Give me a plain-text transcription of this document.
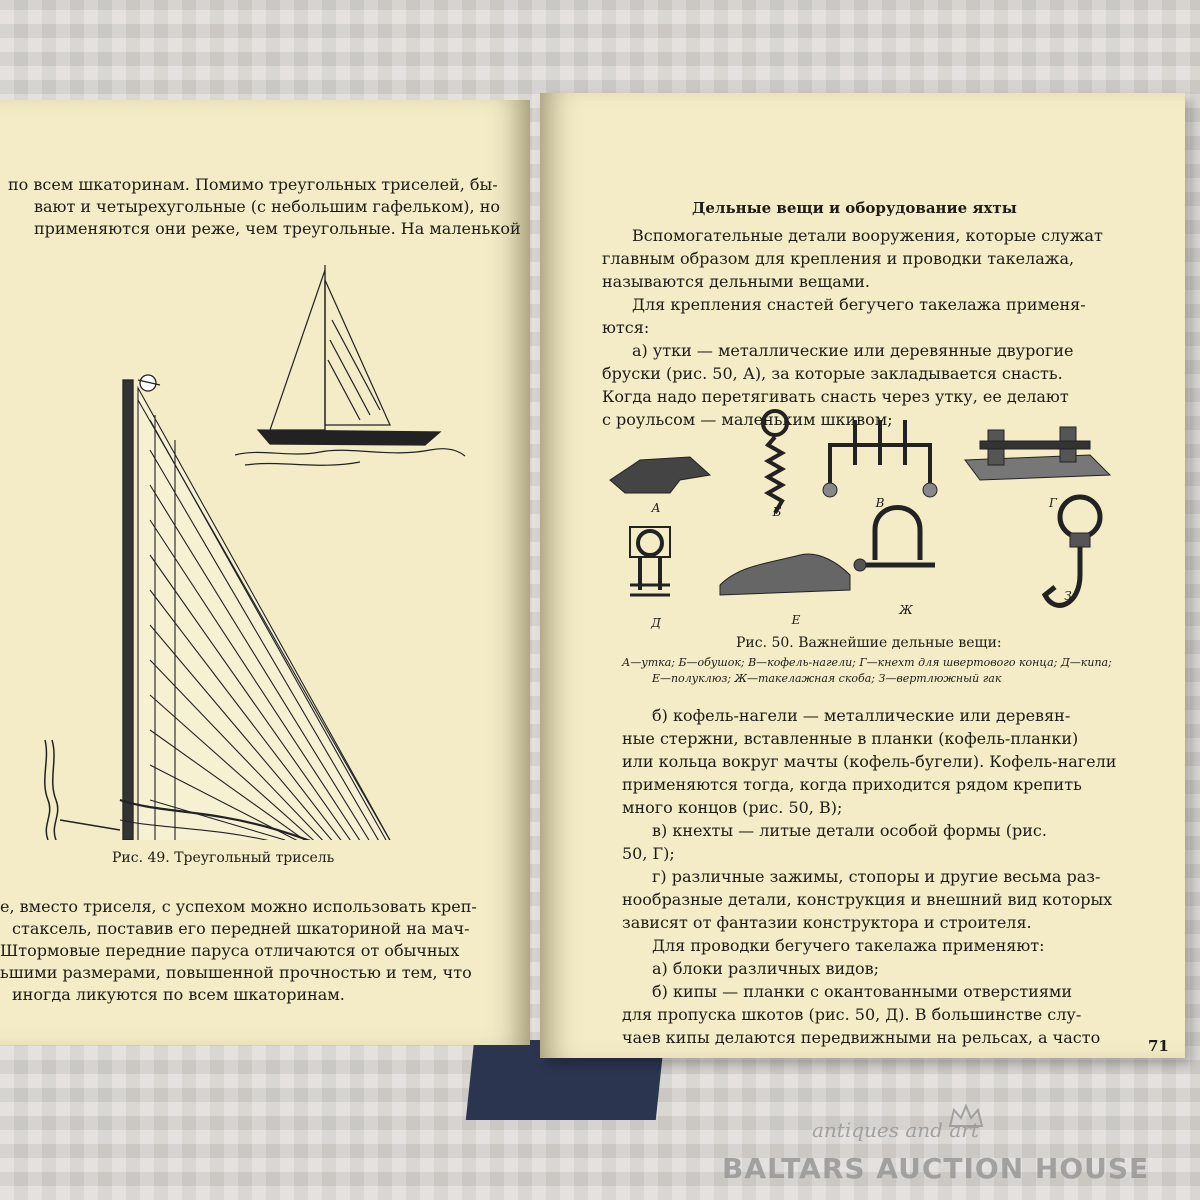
по всем шкаторинам. Помимо треугольных триселей, бы-
вают и четырехугольные (с небольшим гафельком), но
применяются они реже, чем треугольные. На маленькой
Рис. 49. Треугольный трисель
е, вместо триселя, с успехом можно использовать креп-
стаксель, поставив его передней шкаториной на мач-
Штормовые передние паруса отличаются от обычных
ьшими размерами, повышенной прочностью и тем, что
иногда ликуются по всем шкаторинам.
Дельные вещи и оборудование яхты
Вспомогательные детали вооружения, которые служат
главным образом для крепления и проводки такелажа,
называются дельными вещами.
Для крепления снастей бегучего такелажа применя-
ются:
а) утки — металлические или деревянные двурогие
бруски (рис. 50, А), за которые закладывается снасть.
Когда надо перетягивать снасть через утку, ее делают
с роульсом — маленьким шкивом;
А	Б
В	Г
Д	Е
Ж
З
Рис. 50. Важнейшие дельные вещи:
А—утка; Б—обушок; В—кофель-нагели; Г—кнехт для швертового конца; Д—кипа;
Е—полуклюз; Ж—такелажная скоба; З—вертлюжный гак
б) кофель-нагели — металлические или деревян-
ные стержни, вставленные в планки (кофель-планки)
или кольца вокруг мачты (кофель-бугели). Кофель-нагели
применяются тогда, когда приходится рядом крепить
много концов (рис. 50, В);
в) кнехты — литые детали особой формы (рис.
50, Г);
г) различные зажимы, стопоры и другие весьма раз-
нообразные детали, конструкция и внешний вид которых
зависят от фантазии конструктора и строителя.
Для проводки бегучего такелажа применяют:
а) блоки различных видов;
б) кипы — планки с окантованными отверстиями
для пропуска шкотов (рис. 50, Д). В большинстве слу-
чаев кипы делаются передвижными на рельсах, а часто	71
antiques and art
BALTARS AUCTION HOUSE
